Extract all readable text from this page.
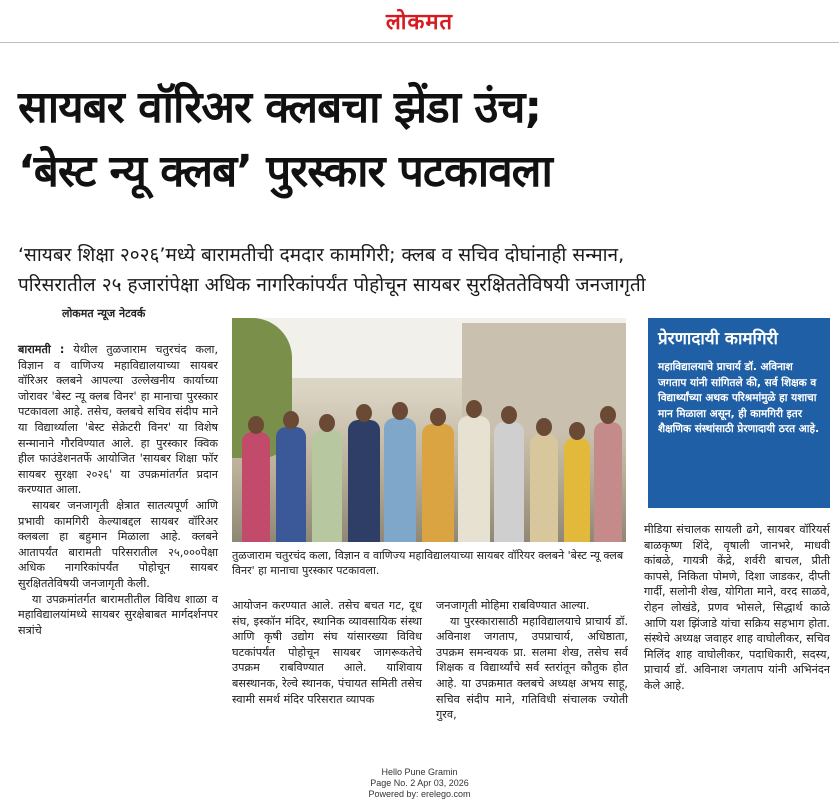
लोकमत
सायबर वॉरिअर क्लबचा झेंडा उंच;
‘बेस्ट न्यू क्लब’ पुरस्कार पटकावला
‘सायबर शिक्षा २०२६’मध्ये बारामतीची दमदार कामगिरी; क्लब व सचिव दोघांनाही सन्मान,
परिसरातील २५ हजारांपेक्षा अधिक नागरिकांपर्यंत पोहोचून सायबर सुरक्षिततेविषयी जनजागृती
लोकमत न्यूज नेटवर्क

बारामती : येथील तुळजाराम चतुरचंद कला, विज्ञान व वाणिज्य महाविद्यालयाच्या सायबर वॉरिअर क्लबने आपल्या उल्लेखनीय कार्याच्या जोरावर 'बेस्ट न्यू क्लब विनर' हा मानाचा पुरस्कार पटकावला आहे. तसेच, क्लबचे सचिव संदीप माने या विद्यार्थ्याला 'बेस्ट सेक्रेटरी विनर' या विशेष सन्मानाने गौरविण्यात आले. हा पुरस्कार क्विक हील फाउंडेशनतर्फे आयोजित 'सायबर शिक्षा फॉर सायबर सुरक्षा २०२६' या उपक्रमांतर्गत प्रदान करण्यात आला.

सायबर जनजागृती क्षेत्रात सातत्यपूर्ण आणि प्रभावी कामगिरी केल्याबद्दल सायबर वॉरिअर क्लबला हा बहुमान मिळाला आहे. क्लबने आतापर्यंत बारामती परिसरातील २५,०००पेक्षा अधिक नागरिकांपर्यंत पोहोचून सायबर सुरक्षिततेविषयी जनजागृती केली.

या उपक्रमांतर्गत बारामतीतील विविध शाळा व महाविद्यालयांमध्ये सायबर सुरक्षेबाबत मार्गदर्शनपर सत्रांचे

तुळजाराम चतुरचंद कला, विज्ञान व वाणिज्य महाविद्यालयाच्या सायबर वॉरियर क्लबने 'बेस्ट न्यू क्लब विनर' हा मानाचा पुरस्कार पटकावला.
प्रेरणादायी कामगिरी
महाविद्यालयाचे प्राचार्य डॉ. अविनाश जगताप यांनी सांगितले की, सर्व शिक्षक व विद्यार्थ्यांच्या अथक परिश्रमांमुळे हा यशाचा मान मिळाला असून, ही कामगिरी इतर शैक्षणिक संस्थांसाठी प्रेरणादायी ठरत आहे.

आयोजन करण्यात आले. तसेच बचत गट, दूध संघ, इस्कॉन मंदिर, स्थानिक व्यावसायिक संस्था आणि कृषी उद्योग संघ यांसारख्या विविध घटकांपर्यंत पोहोचून सायबर जागरूकतेचे उपक्रम राबविण्यात आले. याशिवाय बसस्थानक, रेल्वे स्थानक, पंचायत समिती तसेच स्वामी समर्थ मंदिर परिसरात व्यापक

जनजागृती मोहिमा राबविण्यात आल्या.

या पुरस्कारासाठी महाविद्यालयाचे प्राचार्य डॉ. अविनाश जगताप, उपप्राचार्य, अधिष्ठाता, उपक्रम समन्वयक प्रा. सलमा शेख, तसेच सर्व शिक्षक व विद्यार्थ्यांचे सर्व स्तरांतून कौतुक होत आहे. या उपक्रमात क्लबचे अध्यक्ष अभय साहू, सचिव संदीप माने, गतिविधी संचालक ज्योती गुरव,

मीडिया संचालक सायली ढगे, सायबर वॉरियर्स बाळकृष्ण शिंदे, वृषाली जानभरे, माधवी कांबळे, गायत्री केंद्रे, शर्वरी बाचल, प्रीती कापसे, निकिता पोमणे, दिशा जाडकर, दीप्ती गार्दी, सलोनी शेख, योगिता माने, वरद साळवे, रोहन लोखंडे, प्रणव भोसले, सिद्धार्थ काळे आणि यश झिंजाडे यांचा सक्रिय सहभाग होता. संस्थेचे अध्यक्ष जवाहर शाह वाघोलीकर, सचिव मिलिंद शाह वाघोलीकर, पदाधिकारी, सदस्य, प्राचार्य डॉ. अविनाश जगताप यांनी अभिनंदन केले आहे.

Hello Pune Gramin
Page No. 2 Apr 03, 2026
Powered by: erelego.com
